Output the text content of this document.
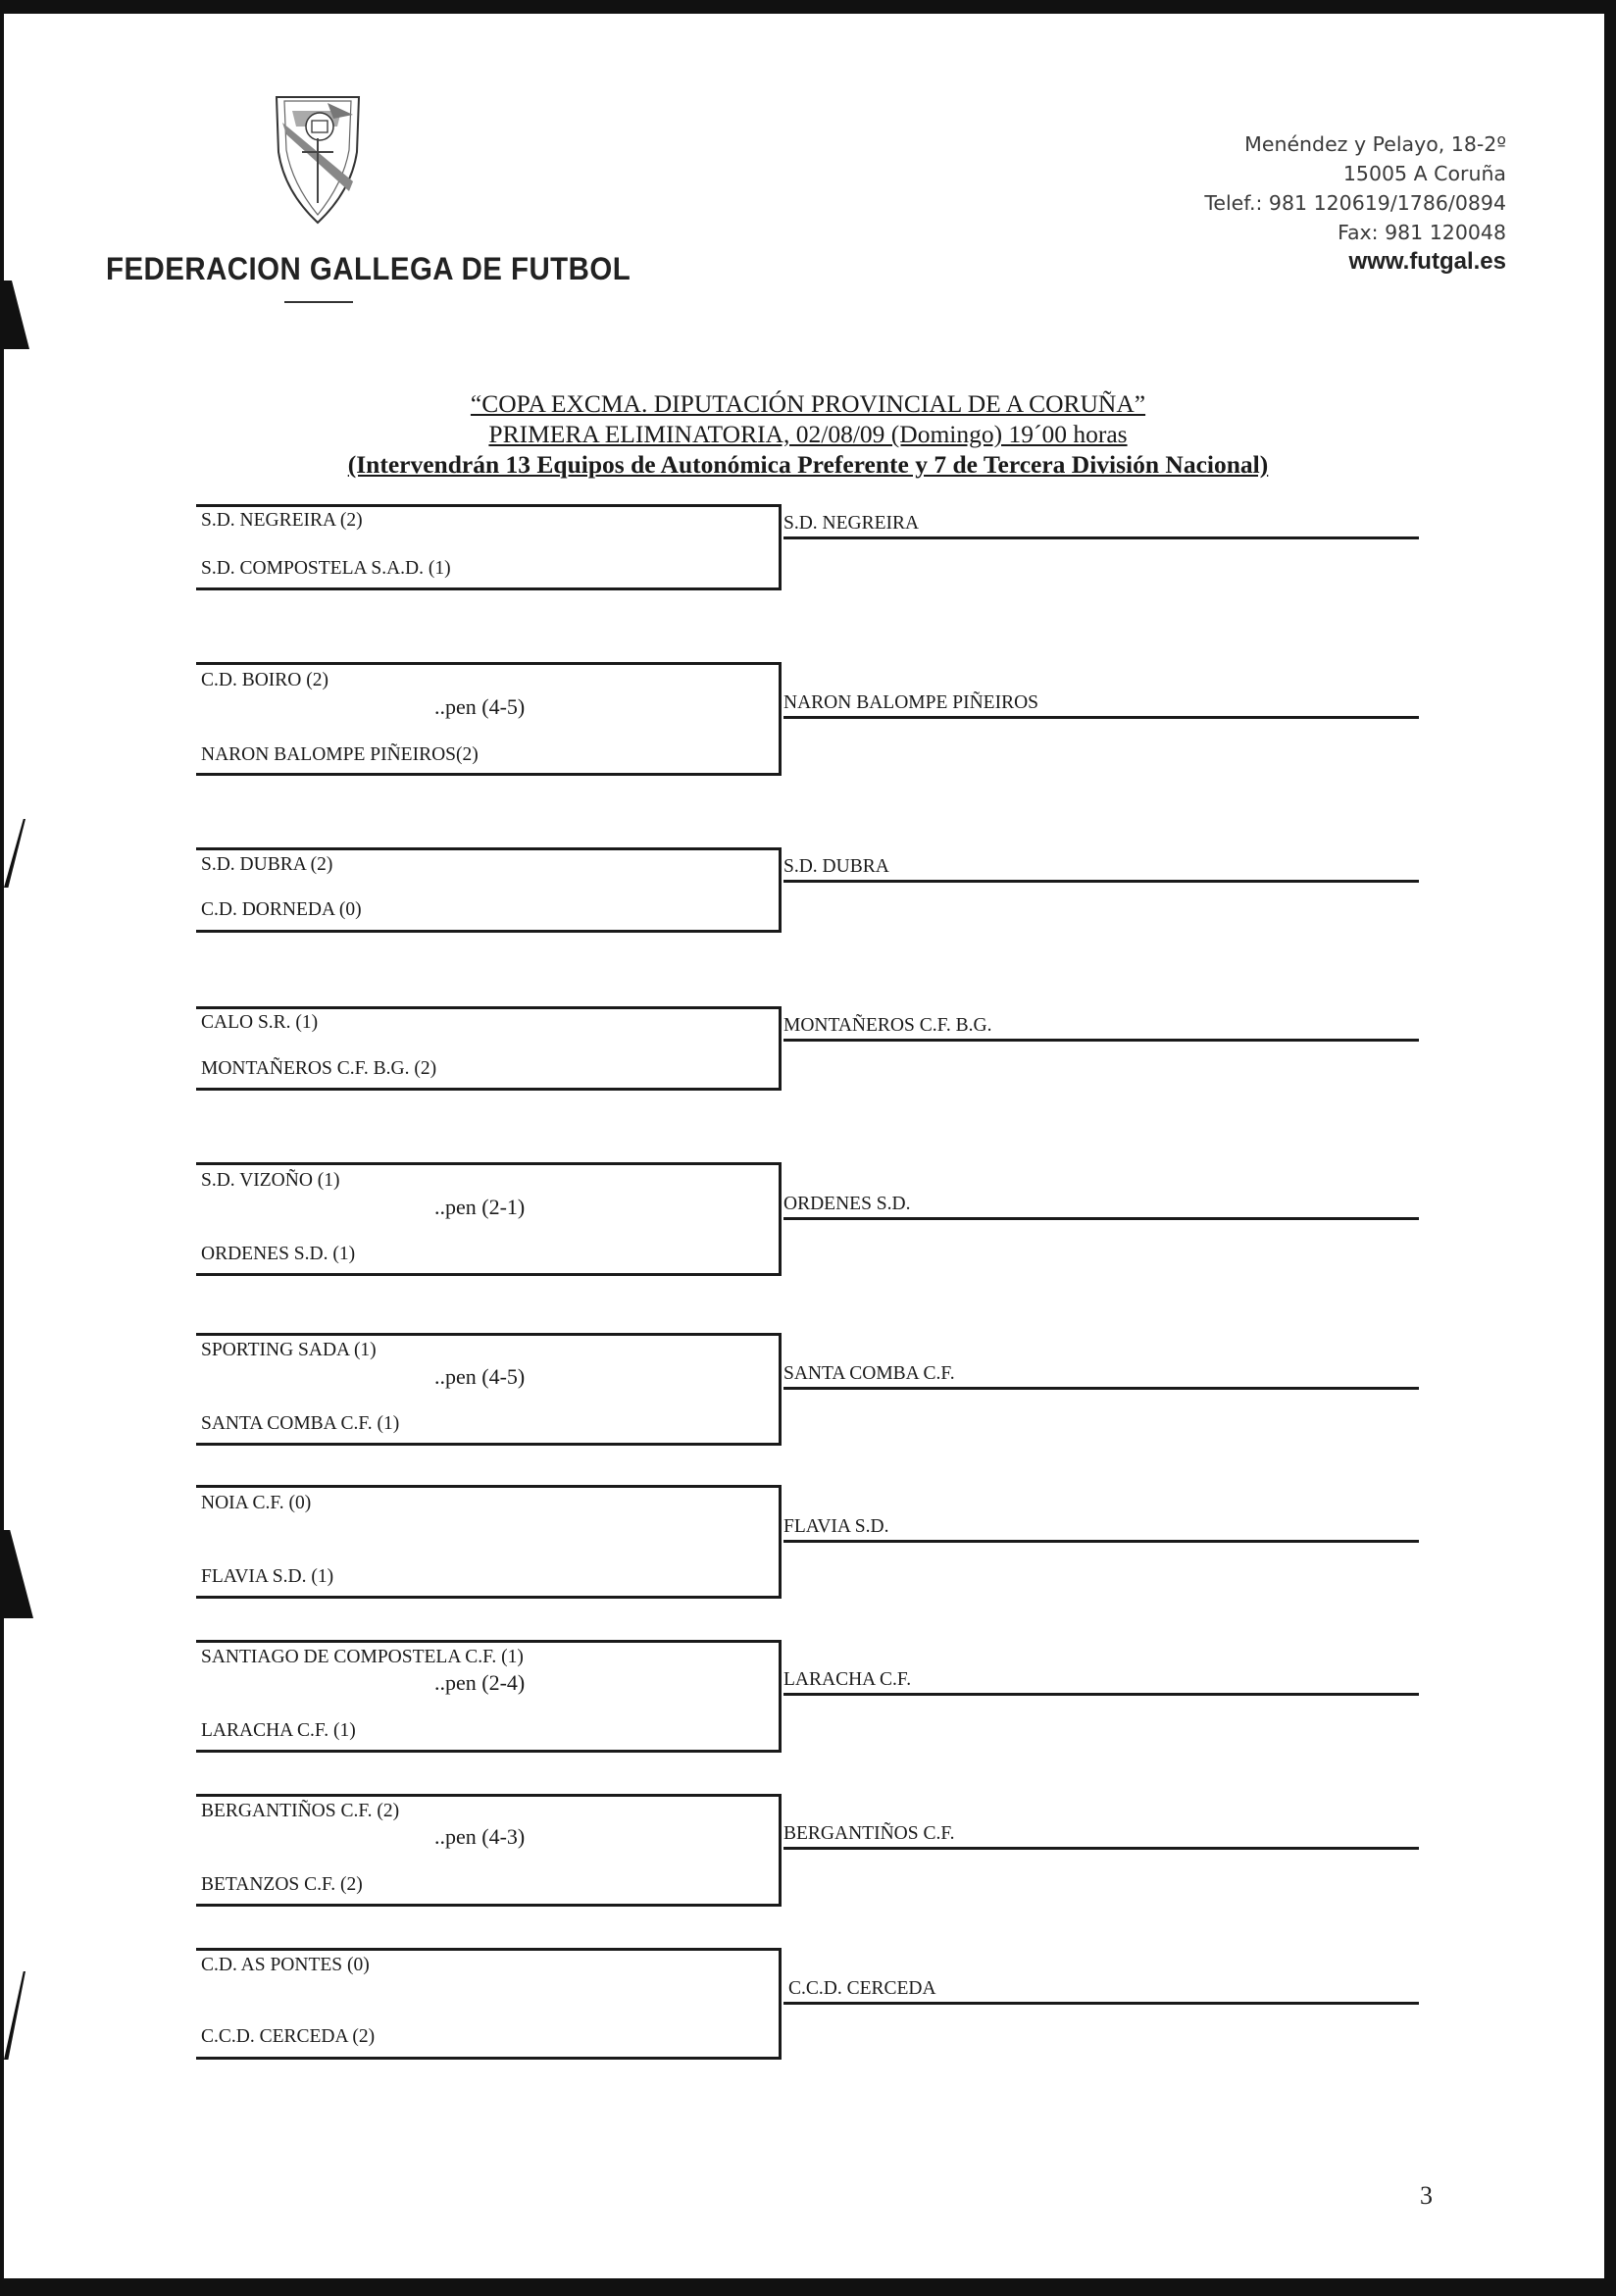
FEDERACION GALLEGA DE FUTBOL
Menéndez y Pelayo, 18-2º
15005 A Coruña
Telef.: 981 120619/1786/0894
Fax: 981 120048
www.futgal.es
“COPA EXCMA. DIPUTACIÓN PROVINCIAL DE A CORUÑA”
PRIMERA ELIMINATORIA, 02/08/09 (Domingo) 19´00 horas
(Intervendrán 13 Equipos de Autonómica Preferente y 7 de Tercera División Nacional)
S.D. NEGREIRA (2)
S.D. COMPOSTELA S.A.D. (1)
S.D. NEGREIRA
C.D. BOIRO (2)
..pen (4-5)
NARON BALOMPE PIÑEIROS(2)
NARON BALOMPE PIÑEIROS
S.D. DUBRA (2)
C.D. DORNEDA (0)
S.D. DUBRA
CALO S.R. (1)
MONTAÑEROS C.F. B.G. (2)
MONTAÑEROS C.F. B.G.
S.D. VIZOÑO (1)
..pen (2-1)
ORDENES S.D. (1)
ORDENES S.D.
SPORTING SADA (1)
..pen (4-5)
SANTA COMBA C.F. (1)
SANTA COMBA C.F.
NOIA C.F. (0)
FLAVIA S.D. (1)
FLAVIA S.D.
SANTIAGO DE COMPOSTELA C.F. (1)
..pen (2-4)
LARACHA C.F. (1)
LARACHA C.F.
BERGANTIÑOS C.F. (2)
..pen (4-3)
BETANZOS C.F. (2)
BERGANTIÑOS C.F.
C.D. AS PONTES (0)
C.C.D. CERCEDA (2)
C.C.D. CERCEDA
3
